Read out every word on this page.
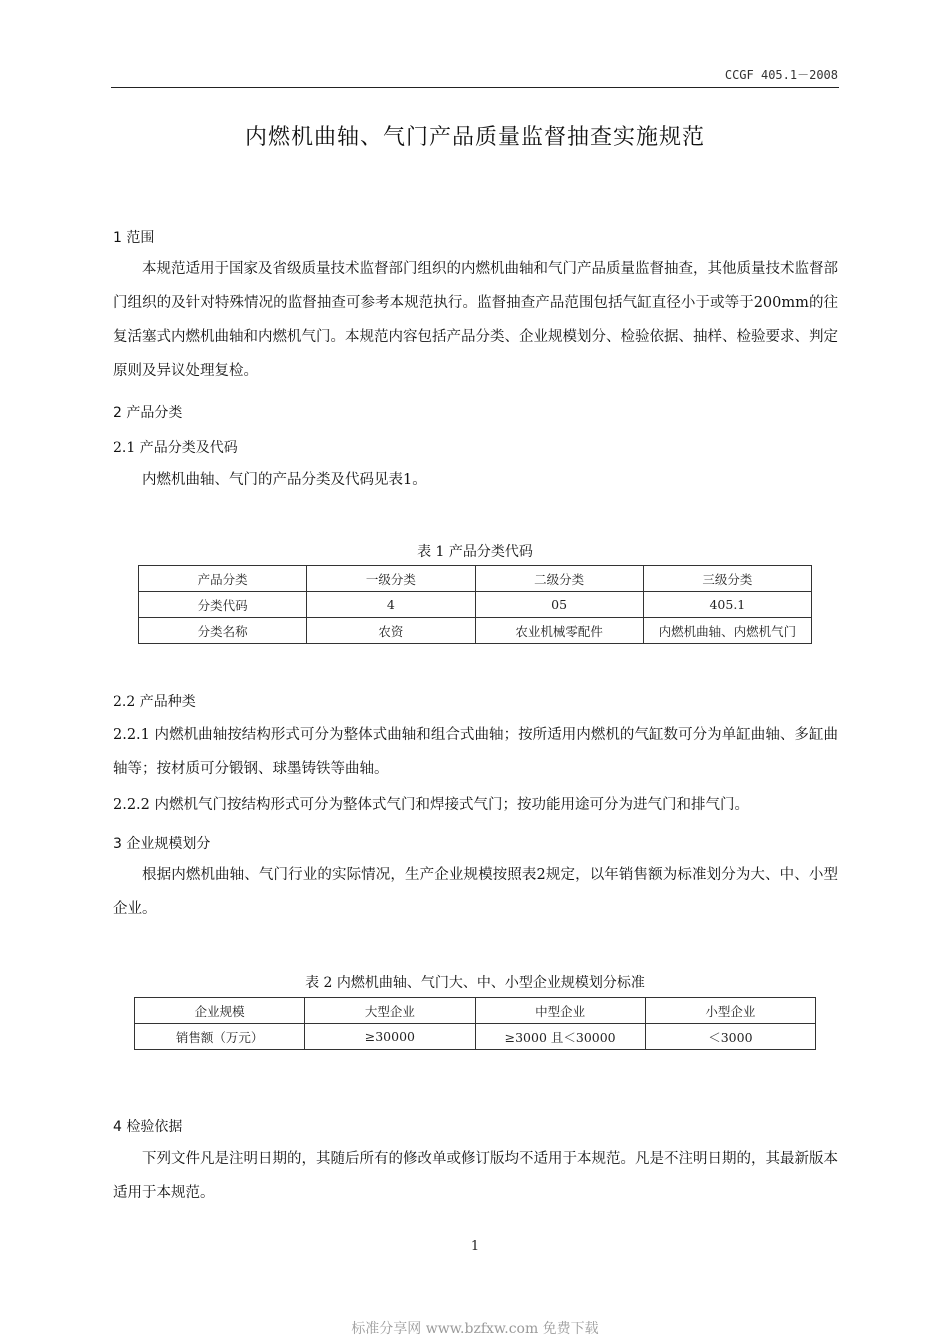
CCGF 405.1－2008
内燃机曲轴、气门产品质量监督抽查实施规范
1 范围
本规范适用于国家及省级质量技术监督部门组织的内燃机曲轴和气门产品质量监督抽查，其他质量技术监督部门组织的及针对特殊情况的监督抽查可参考本规范执行。监督抽查产品范围包括气缸直径小于或等于200mm的往复活塞式内燃机曲轴和内燃机气门。本规范内容包括产品分类、企业规模划分、检验依据、抽样、检验要求、判定原则及异议处理复检。
2 产品分类
2.1 产品分类及代码
内燃机曲轴、气门的产品分类及代码见表1。
表 1 产品分类代码
产品分类	一级分类	二级分类	三级分类
分类代码	4	05	405.1
分类名称	农资	农业机械零配件	内燃机曲轴、内燃机气门
2.2 产品种类
2.2.1 内燃机曲轴按结构形式可分为整体式曲轴和组合式曲轴；按所适用内燃机的气缸数可分为单缸曲轴、多缸曲轴等；按材质可分锻钢、球墨铸铁等曲轴。
2.2.2 内燃机气门按结构形式可分为整体式气门和焊接式气门；按功能用途可分为进气门和排气门。
3 企业规模划分
根据内燃机曲轴、气门行业的实际情况，生产企业规模按照表2规定，以年销售额为标准划分为大、中、小型企业。
表 2 内燃机曲轴、气门大、中、小型企业规模划分标准
企业规模	大型企业	中型企业	小型企业
销售额（万元）	≥30000	≥3000 且＜30000	＜3000
4 检验依据
下列文件凡是注明日期的，其随后所有的修改单或修订版均不适用于本规范。凡是不注明日期的，其最新版本适用于本规范。
1
标准分享网 www.bzfxw.com 免费下载
